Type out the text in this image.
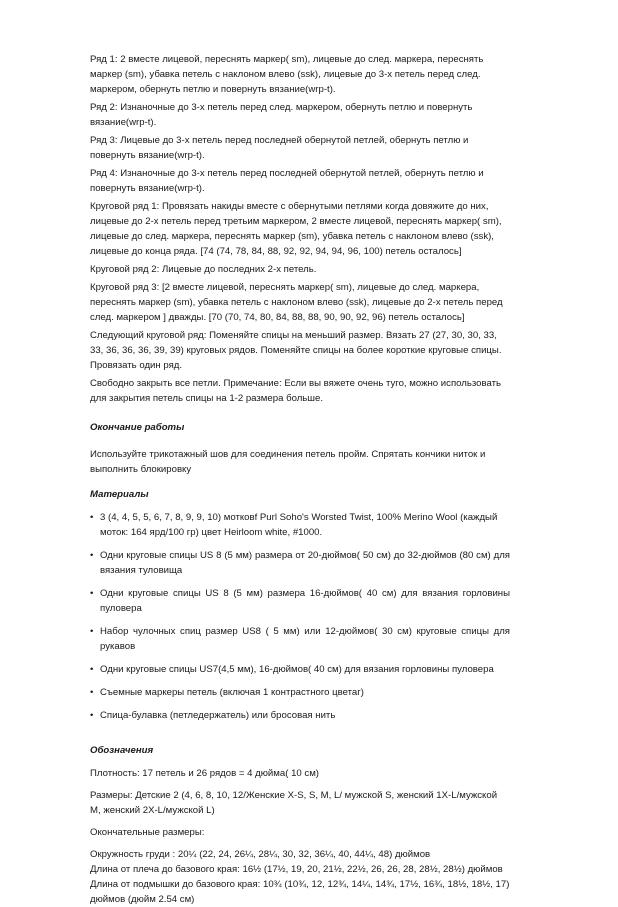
Ряд 1: 2 вместе лицевой, переснять маркер( sm), лицевые до след. маркера, переснять маркер (sm), убавка петель с наклоном влево (ssk), лицевые до 3-х петель перед след. маркером, обернуть петлю и повернуть вязание(wrp-t).

Ряд 2: Изнаночные до 3-х петель перед след. маркером, обернуть петлю и повернуть вязание(wrp-t).

Ряд 3: Лицевые до 3-х петель перед последней обернутой петлей, обернуть петлю и повернуть вязание(wrp-t).

Ряд 4: Изнаночные до 3-х петель перед последней обернутой петлей, обернуть петлю и повернуть вязание(wrp-t).

Круговой ряд 1: Провязать накиды вместе с обернутыми петлями когда довяжите до них, лицевые до 2-х петель перед третьим маркером, 2 вместе лицевой, переснять маркер( sm), лицевые до след. маркера, переснять маркер (sm), убавка петель с наклоном влево (ssk), лицевые до конца ряда. [74 (74, 78, 84, 88, 92, 92, 94, 94, 96, 100) петель осталось]

Круговой ряд 2: Лицевые до последних 2-х петель.

Круговой ряд 3: [2 вместе лицевой, переснять маркер( sm), лицевые до след. маркера, переснять маркер (sm), убавка петель с наклоном влево (ssk), лицевые до 2-х петель перед след. маркером ] дважды. [70 (70, 74, 80, 84, 88, 88, 90, 90, 92, 96) петель осталось]

Следующий круговой ряд: Поменяйте спицы на меньший размер. Вязать 27 (27, 30, 30, 33, 33, 36, 36, 36, 39, 39) круговых рядов. Поменяйте спицы на более короткие круговые спицы. Провязать один ряд.

Свободно закрыть все петли. Примечание: Если вы вяжете очень туго, можно использовать для закрытия петель спицы на 1-2 размера больше.

Окончание работы

Используйте трикотажный шов для соединения петель пройм. Спрятать кончики ниток и выполнить блокировку

Материалы

• 3 (4, 4, 5, 5, 6, 7, 8, 9, 9, 10) мотковf Purl Soho's Worsted Twist, 100% Merino Wool (каждый моток: 164 ярд/100 гр) цвет Heirloom white, #1000.
• Одни круговые спицы US 8 (5 мм) размера от 20-дюймов( 50 см) до 32-дюймов (80 см) для вязания туловища
• Одни круговые спицы US 8 (5 мм) размера 16-дюймов( 40 см) для вязания горловины пуловера
• Набор чулочных спиц размер US8 ( 5 мм) или 12-дюймов( 30 см) круговые спицы для рукавов
• Одни круговые спицы US7(4,5 мм), 16-дюймов( 40 см) для вязания горловины пуловера
• Съемные маркеры петель (включая 1 контрастного цветаг)
• Спица-булавка (петледержатель) или бросовая нить

Обозначения

Плотность: 17 петель и 26 рядов = 4 дюйма( 10 см)

Размеры: Детские 2 (4, 6, 8, 10, 12/Женские X-S, S, M, L/ мужской S, женский 1X-L/мужской M, женский 2X-L/мужской L)

Окончательные размеры:

Окружность груди : 20¼ (22, 24, 26¼, 28¼, 30, 32, 36¼, 40, 44¼, 48) дюймов

Длина от плеча до базового края: 16½ (17½, 19, 20, 21½, 22½, 26, 26, 28, 28½, 28½) дюймов

Длина от подмышки до базового края: 10¾ (10¾, 12, 12¾, 14¼, 14¾, 17½, 16¾, 18½, 18½, 17) дюймов (дюйм 2.54 см)
